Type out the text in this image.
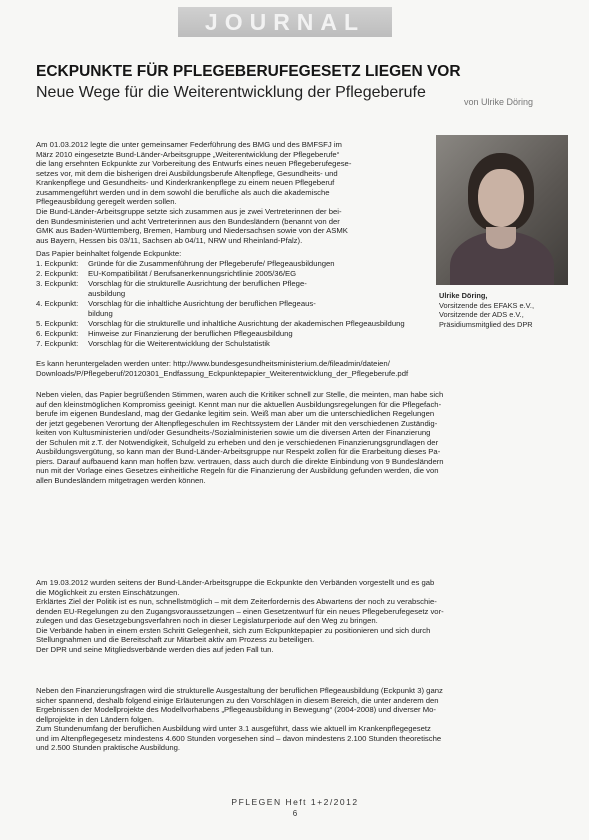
JOURNAL
ECKPUNKTE FÜR PFLEGEBERUFEGESETZ LIEGEN VOR
Neue Wege für die Weiterentwicklung der Pflegeberufe
von Ulrike Döring
Ulrike Döring,
Vorsitzende des EFAKS e.V.,
Vorsitzende der ADS e.V.,
Präsidiumsmitglied des DPR
Am 01.03.2012 legte die unter gemeinsamer Federführung des BMG und des BMFSFJ im
März 2010 eingesetzte Bund-Länder-Arbeitsgruppe „Weiterentwicklung der Pflegeberufe“
die lang ersehnten Eckpunkte zur Vorbereitung des Entwurfs eines neuen Pflegeberufegese-
setzes vor, mit dem die bisherigen drei Ausbildungsberufe Altenpflege, Gesundheits- und
Krankenpflege und Gesundheits- und Kinderkrankenpflege zu einem neuen Pflegeberuf
zusammengeführt werden und in dem sowohl die berufliche als auch die akademische
Pflegeausbildung geregelt werden sollen.
Die Bund-Länder-Arbeitsgruppe setzte sich zusammen aus je zwei Vertreterinnen der bei-
den Bundesministerien und acht Vertreterinnen aus den Bundesländern (benannt von der
GMK aus Baden-Württemberg, Bremen, Hamburg und Niedersachsen sowie von der ASMK
aus Bayern, Hessen bis 03/11, Sachsen ab 04/11, NRW und Rheinland-Pfalz).
Das Papier beinhaltet folgende Eckpunkte:
1. Eckpunkt:	Gründe für die Zusammenführung der Pflegeberufe/ Pflegeausbildungen
2. Eckpunkt:	EU-Kompatibilität / Berufsanerkennungsrichtlinie 2005/36/EG
3. Eckpunkt:	Vorschlag für die strukturelle Ausrichtung der beruflichen Pflege-
ausbildung
4. Eckpunkt:	Vorschlag für die inhaltliche Ausrichtung der beruflichen Pflegeaus-
bildung
5. Eckpunkt:	Vorschlag für die strukturelle und inhaltliche Ausrichtung der akademischen Pflegeausbildung
6. Eckpunkt:	Hinweise zur Finanzierung der beruflichen Pflegeausbildung
7. Eckpunkt:	Vorschlag für die Weiterentwicklung der Schulstatistik
Es kann heruntergeladen werden unter: http://www.bundesgesundheitsministerium.de/fileadmin/dateien/
Downloads/P/Pflegeberuf/20120301_Endfassung_Eckpunktepapier_Weiterentwicklung_der_Pflegeberufe.pdf
Neben vielen, das Papier begrüßenden Stimmen, waren auch die Kritiker schnell zur Stelle, die meinten, man habe sich
auf den kleinstmöglichen Kompromiss geeinigt. Kennt man nur die aktuellen Ausbildungsregelungen für die Pflegefach-
berufe im eigenen Bundesland, mag der Gedanke legitim sein. Weiß man aber um die unterschiedlichen Regelungen
der jetzt gegebenen Verortung der Altenpflegeschulen im Rechtssystem der Länder mit den verschiedenen Zuständig-
keiten von Kultusministerien und/oder Gesundheits-/Sozialministerien sowie um die diversen Arten der Finanzierung
der Schulen mit z.T. der Notwendigkeit, Schulgeld zu erheben und den je verschiedenen Finanzierungsgrundlagen der
Ausbildungsvergütung, so kann man der Bund-Länder-Arbeitsgruppe nur Respekt zollen für die Erarbeitung dieses Pa-
piers. Darauf aufbauend kann man hoffen bzw. vertrauen, dass auch durch die direkte Einbindung von 9 Bundesländern
nun mit der Vorlage eines Gesetzes einheitliche Regeln für die Finanzierung der Ausbildung gefunden werden, die von
allen Bundesländern mitgetragen werden können.
Am 19.03.2012 wurden seitens der Bund-Länder-Arbeitsgruppe die Eckpunkte den Verbänden vorgestellt und es gab
die Möglichkeit zu ersten Einschätzungen.
Erklärtes Ziel der Politik ist es nun, schnellstmöglich – mit dem Zeiterfordernis des Abwartens der noch zu verabschie-
denden EU-Regelungen zu den Zugangsvoraussetzungen – einen Gesetzentwurf für ein neues Pflegeberufegesetz vor-
zulegen und das Gesetzgebungsverfahren noch in dieser Legislaturperiode auf den Weg zu bringen.
Die Verbände haben in einem ersten Schritt Gelegenheit, sich zum Eckpunktepapier zu positionieren und sich durch
Stellungnahmen und die Bereitschaft zur Mitarbeit aktiv am Prozess zu beteiligen.
Der DPR und seine Mitgliedsverbände werden dies auf jeden Fall tun.
Neben den Finanzierungsfragen wird die strukturelle Ausgestaltung der beruflichen Pflegeausbildung (Eckpunkt 3) ganz
sicher spannend, deshalb folgend einige Erläuterungen zu den Vorschlägen in diesem Bereich, die unter anderem den
Ergebnissen der Modellprojekte des Modellvorhabens „Pflegeausbildung in Bewegung“ (2004-2008) und diverser Mo-
dellprojekte in den Ländern folgen.
Zum Stundenumfang der beruflichen Ausbildung wird unter 3.1 ausgeführt, dass wie aktuell im Krankenpflegegesetz
und im Altenpflegegesetz mindestens 4.600 Stunden vorgesehen sind – davon mindestens 2.100 Stunden theoretische
und 2.500 Stunden praktische Ausbildung.
PFLEGEN Heft 1+2/2012
6
